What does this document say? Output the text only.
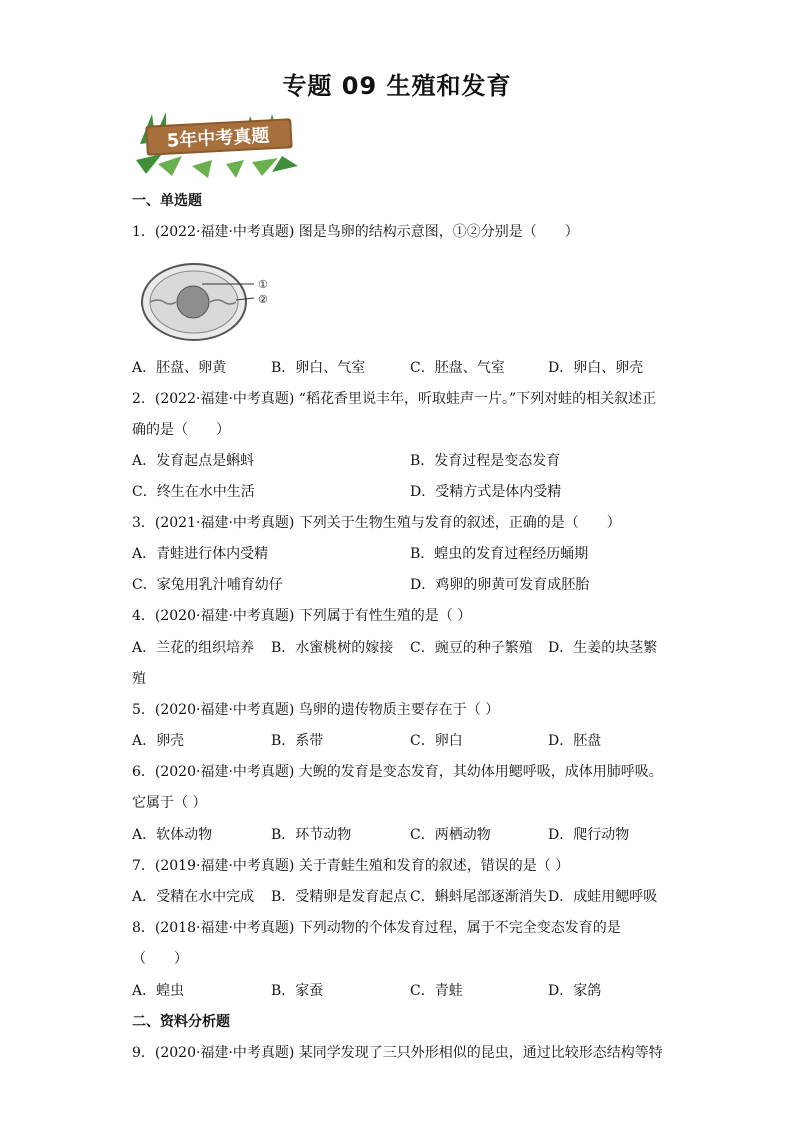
专题 09 生殖和发育
5年中考真题
一、单选题
1．(2022·福建·中考真题) 图是鸟卵的结构示意图，①②分别是（　　）
①
②
A．胚盘、卵黄	B．卵白、气室	C．胚盘、气室	D．卵白、卵壳
2．(2022·福建·中考真题) “稻花香里说丰年，听取蛙声一片。”下列对蛙的相关叙述正
确的是（　　）
A．发育起点是蝌蚪	B．发育过程是变态发育
C．终生在水中生活	D．受精方式是体内受精
3．(2021·福建·中考真题) 下列关于生物生殖与发育的叙述，正确的是（　　）
A．青蛙进行体内受精	B．蝗虫的发育过程经历蛹期
C．家兔用乳汁哺育幼仔	D．鸡卵的卵黄可发育成胚胎
4．(2020·福建·中考真题) 下列属于有性生殖的是（ ）
A．兰花的组织培养 B．水蜜桃树的嫁接 C．豌豆的种子繁殖 D．生姜的块茎繁
殖
5．(2020·福建·中考真题) 鸟卵的遗传物质主要存在于（ ）
A．卵壳	B．系带	C．卵白	D．胚盘
6．(2020·福建·中考真题) 大鲵的发育是变态发育，其幼体用鳃呼吸，成体用肺呼吸。
它属于（ ）
A．软体动物	B．环节动物	C．两栖动物	D．爬行动物
7．(2019·福建·中考真题) 关于青蛙生殖和发育的叙述，错误的是（ ）
A．受精在水中完成 B．受精卵是发育起点 C．蝌蚪尾部逐渐消失 D．成蛙用鳃呼吸
8．(2018·福建·中考真题) 下列动物的个体发育过程，属于不完全变态发育的是
（　　）
A．蝗虫	B．家蚕	C．青蛙	D．家鸽
二、资料分析题
9．(2020·福建·中考真题) 某同学发现了三只外形相似的昆虫，通过比较形态结构等特
